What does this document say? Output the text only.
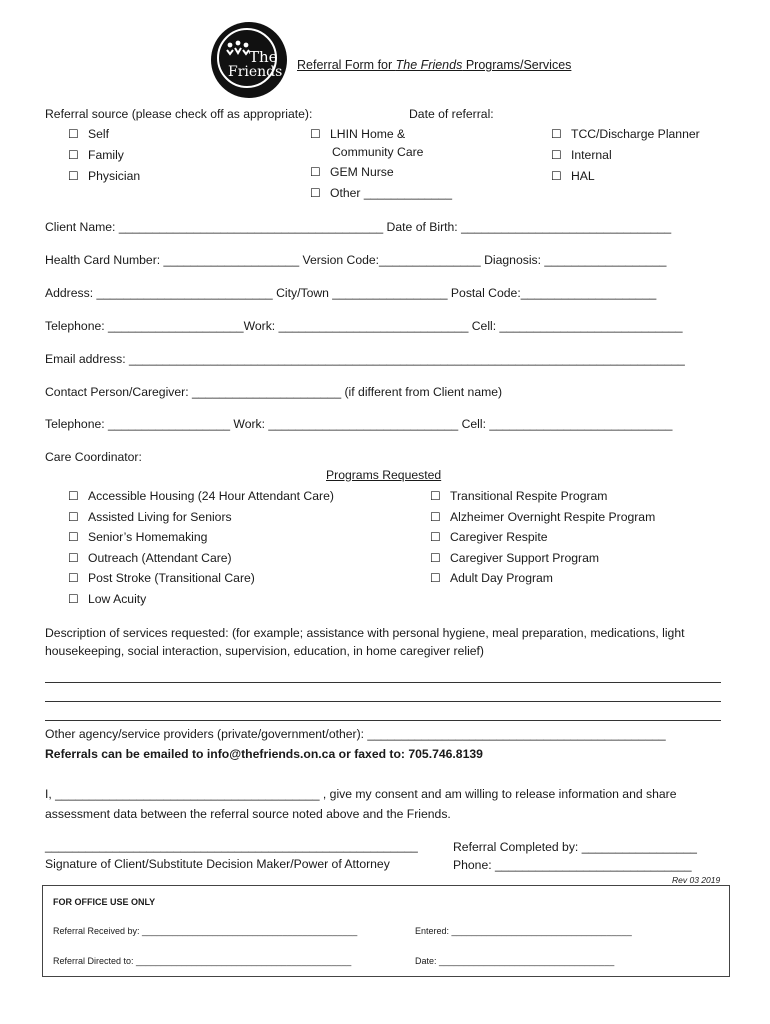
The
Friends Referral Form for The Friends Programs/Services
Referral source (please check off as appropriate):	Date of referral:
☐ Self
☐ Family
☐ Physician
☐ LHIN Home &
Community Care
☐ GEM Nurse
☐ Other _____________
☐ TCC/Discharge Planner
☐ Internal
☐ HAL
Client Name: _______________________________________ Date of Birth: _______________________________
Health Card Number: ____________________ Version Code:_______________ Diagnosis: __________________
Address: __________________________ City/Town _________________ Postal Code:____________________
Telephone: ____________________Work: ____________________________ Cell: ___________________________
Email address: __________________________________________________________________________________
Contact Person/Caregiver: ______________________ (if different from Client name)
Telephone: __________________ Work: ____________________________ Cell: ___________________________
Care Coordinator:
Programs Requested
☐ Accessible Housing (24 Hour Attendant Care)
☐ Assisted Living for Seniors
☐ Senior’s Homemaking
☐ Outreach (Attendant Care)
☐ Post Stroke (Transitional Care)
☐ Low Acuity
☐ Transitional Respite Program
☐ Alzheimer Overnight Respite Program
☐ Caregiver Respite
☐ Caregiver Support Program
☐ Adult Day Program
Description of services requested: (for example; assistance with personal hygiene, meal preparation, medications, light
housekeeping, social interaction, supervision, education, in home caregiver relief)
Other agency/service providers (private/government/other): ____________________________________________
Referrals can be emailed to info@thefriends.on.ca or faxed to: 705.746.8139
I, _______________________________________ , give my consent and am willing to release information and share
assessment data between the referral source noted above and the Friends.
_______________________________________________________
Signature of Client/Substitute Decision Maker/Power of Attorney
Referral Completed by: _________________
Phone: _____________________________
Rev 03 2019
FOR OFFICE USE ONLY
Referral Received by: ___________________________________________	Entered: ____________________________________
Referral Directed to: ___________________________________________	Date: ___________________________________
